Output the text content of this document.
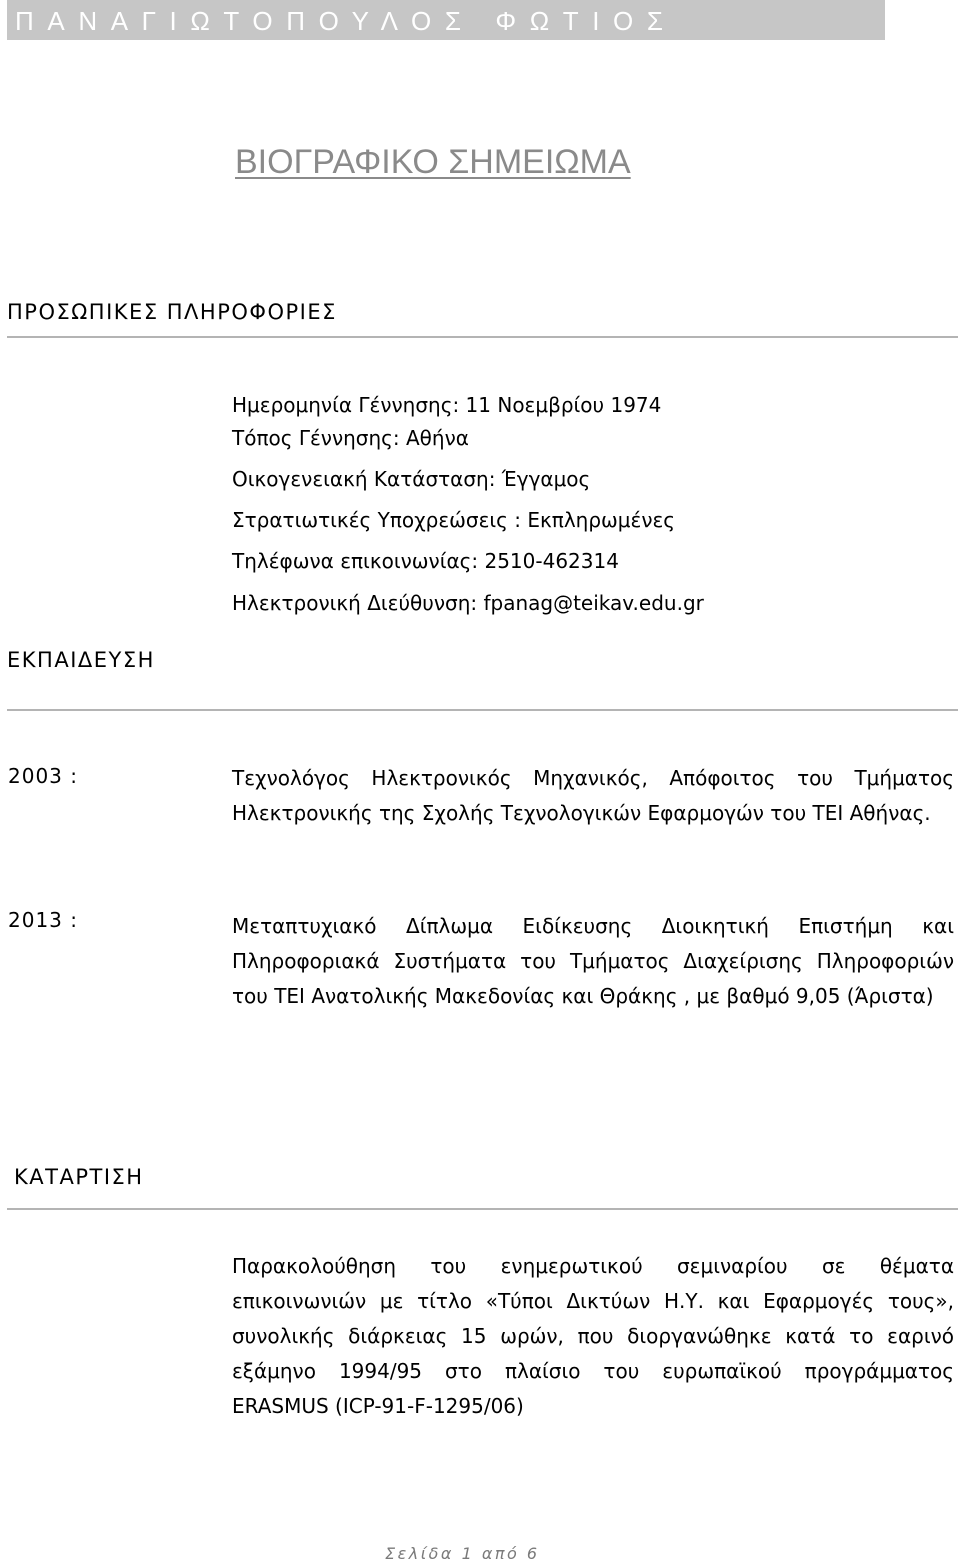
ΠΑΝΑΓΙΩΤΟΠΟΥΛΟΣ ΦΩΤΙΟΣ
ΒΙΟΓΡΑΦΙΚΟ ΣΗΜΕΙΩΜΑ
ΠΡΟΣΩΠΙΚΕΣ ΠΛΗΡΟΦΟΡΙΕΣ
Ημερομηνία Γέννησης: 11 Νοεμβρίου 1974
Τόπος Γέννησης: Αθήνα
Οικογενειακή Κατάσταση: Έγγαμος
Στρατιωτικές Υποχρεώσεις : Εκπληρωμένες
Τηλέφωνα επικοινωνίας: 2510-462314
Ηλεκτρονική Διεύθυνση: fpanag@teikav.edu.gr
ΕΚΠΑΙΔΕΥΣΗ
2003 :	Τεχνολόγος Ηλεκτρονικός Μηχανικός, Απόφοιτος του Τμήματος Ηλεκτρονικής της Σχολής Τεχνολογικών Εφαρμογών του ΤΕΙ Αθήνας.
2013 :	Μεταπτυχιακό Δίπλωμα Ειδίκευσης Διοικητική Επιστήμη και Πληροφοριακά Συστήματα του Τμήματος Διαχείρισης Πληροφοριών του ΤΕΙ Ανατολικής Μακεδονίας και Θράκης , με βαθμό 9,05 (Άριστα)
ΚΑΤΑΡΤΙΣΗ
Παρακολούθηση του ενημερωτικού σεμιναρίου σε θέματα επικοινωνιών με τίτλο «Τύποι Δικτύων Η.Υ. και Εφαρμογές τους», συνολικής διάρκειας 15 ωρών, που διοργανώθηκε κατά το εαρινό εξάμηνο 1994/95 στο πλαίσιο του ευρωπαϊκού προγράμματος ERASMUS (ICP-91-F-1295/06)
Σελίδα 1 από 6
